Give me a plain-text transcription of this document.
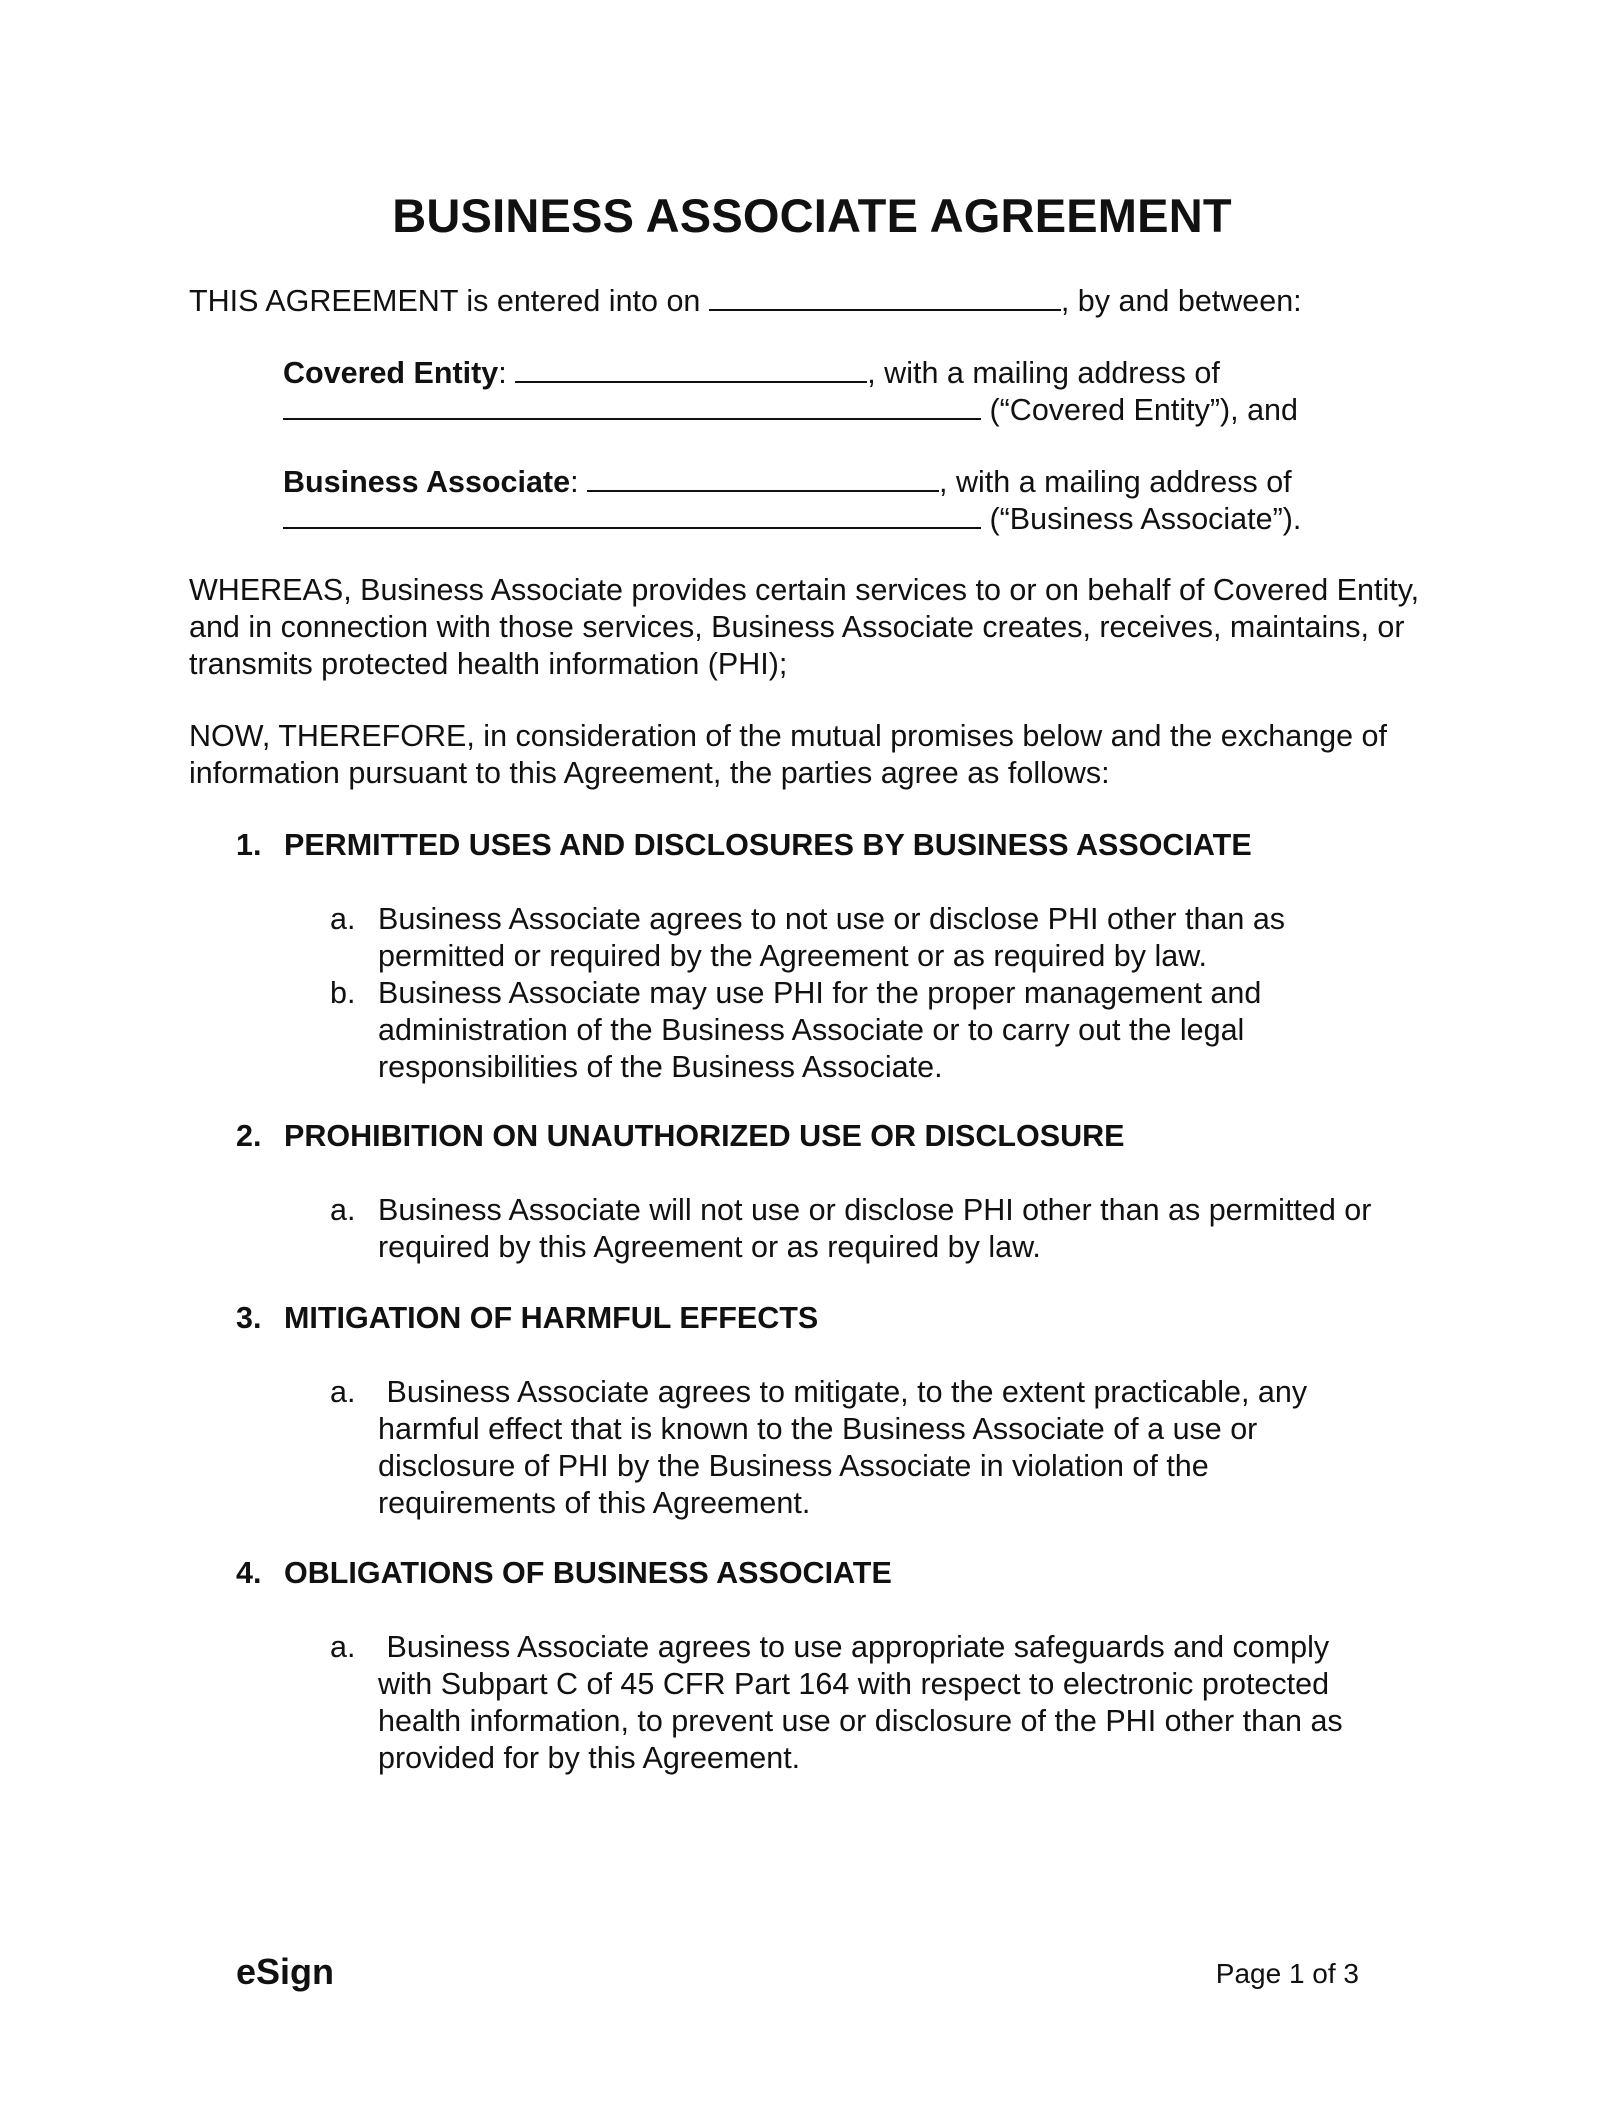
BUSINESS ASSOCIATE AGREEMENT
THIS AGREEMENT is entered into on	, by and between:
Covered Entity:	, with a mailing address of
(“Covered Entity”), and
Business Associate:	, with a mailing address of
(“Business Associate”).
WHEREAS, Business Associate provides certain services to or on behalf of Covered Entity, and in connection with those services, Business Associate creates, receives, maintains, or transmits protected health information (PHI);
NOW, THEREFORE, in consideration of the mutual promises below and the exchange of information pursuant to this Agreement, the parties agree as follows:
1. PERMITTED USES AND DISCLOSURES BY BUSINESS ASSOCIATE
a. Business Associate agrees to not use or disclose PHI other than as permitted or required by the Agreement or as required by law.
b. Business Associate may use PHI for the proper management and administration of the Business Associate or to carry out the legal responsibilities of the Business Associate.
2. PROHIBITION ON UNAUTHORIZED USE OR DISCLOSURE
a. Business Associate will not use or disclose PHI other than as permitted or required by this Agreement or as required by law.
3. MITIGATION OF HARMFUL EFFECTS
a. Business Associate agrees to mitigate, to the extent practicable, any harmful effect that is known to the Business Associate of a use or disclosure of PHI by the Business Associate in violation of the requirements of this Agreement.
4. OBLIGATIONS OF BUSINESS ASSOCIATE
a. Business Associate agrees to use appropriate safeguards and comply with Subpart C of 45 CFR Part 164 with respect to electronic protected health information, to prevent use or disclosure of the PHI other than as provided for by this Agreement.
eSign	Page 1 of 3
